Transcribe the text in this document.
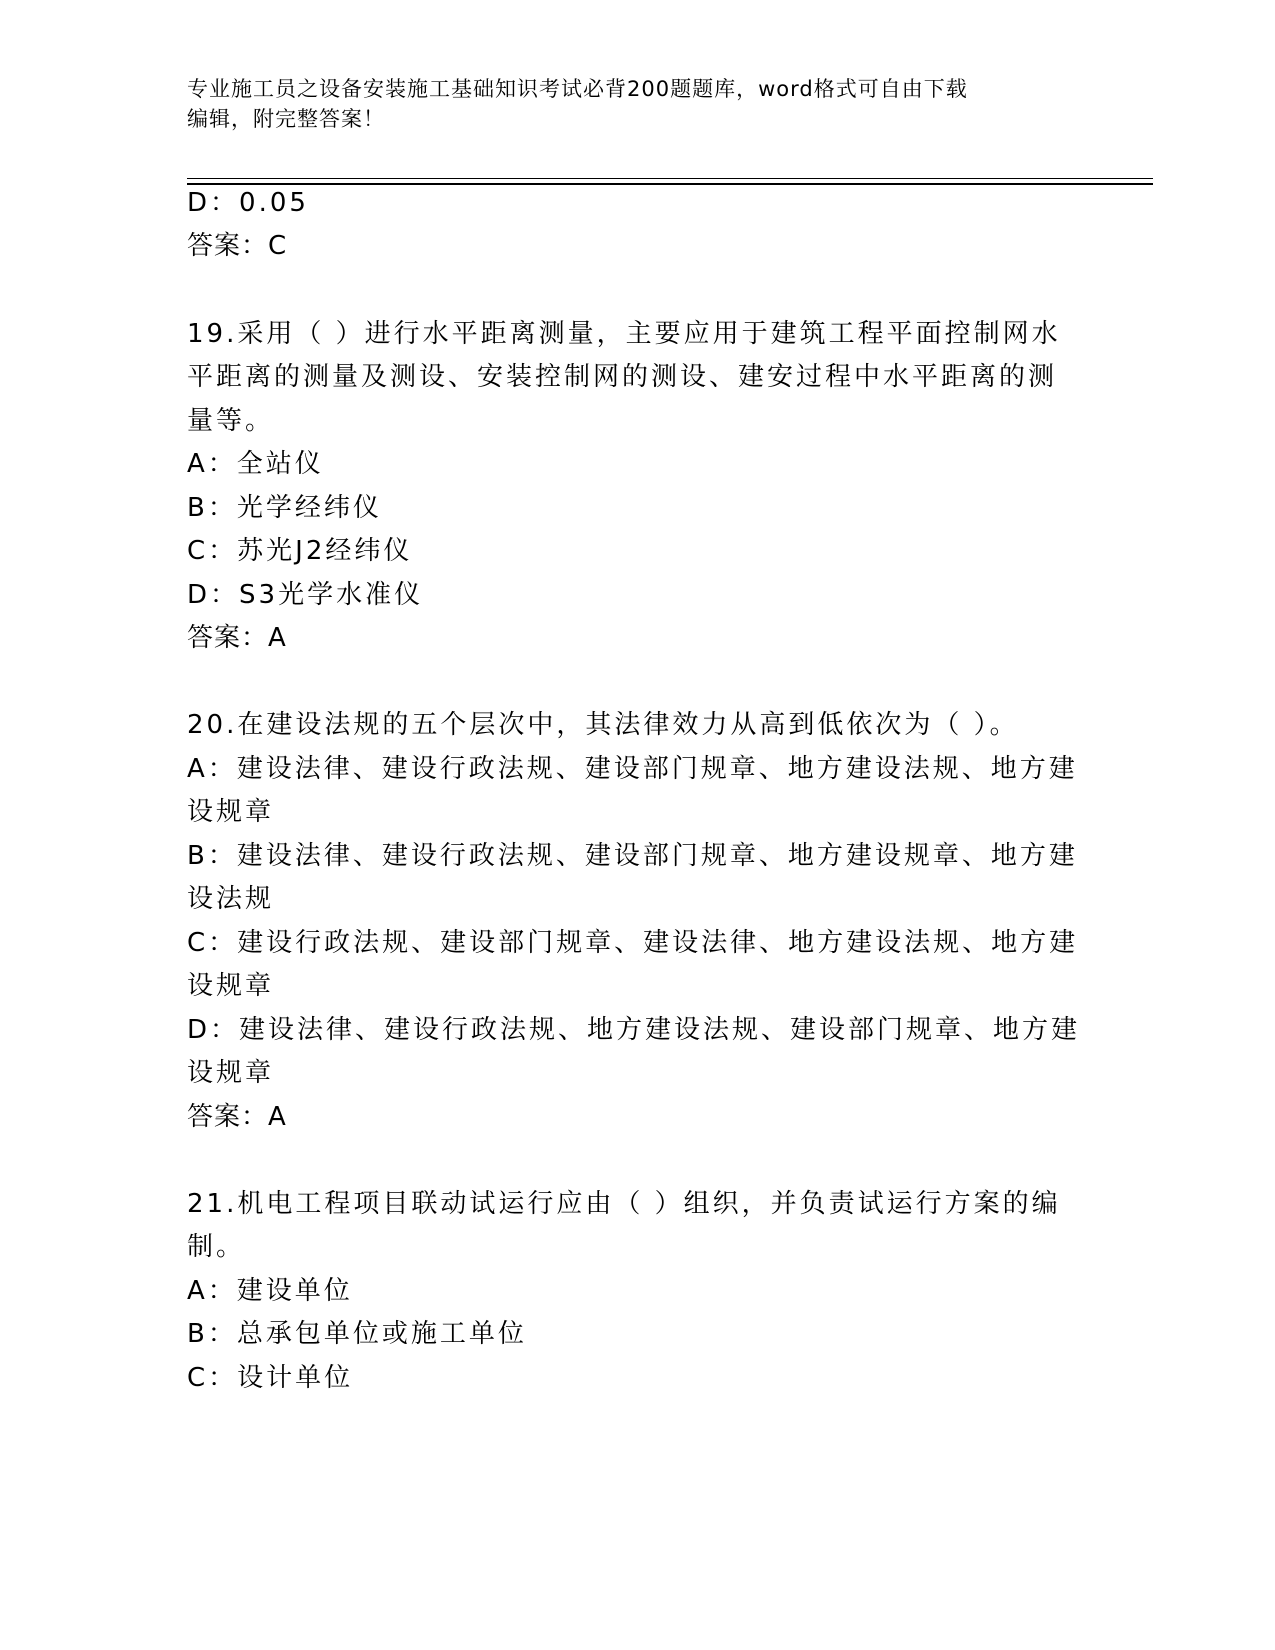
专业施工员之设备安装施工基础知识考试必背200题题库，word格式可自由下载
编辑，附完整答案！
D：0.05
答案：C
19.采用（ ）进行水平距离测量，主要应用于建筑工程平面控制网水
平距离的测量及测设、安装控制网的测设、建安过程中水平距离的测
量等。
A：全站仪
B：光学经纬仪
C：苏光J2经纬仪
D：S3光学水准仪
答案：A
20.在建设法规的五个层次中，其法律效力从高到低依次为（ ）。
A：建设法律、建设行政法规、建设部门规章、地方建设法规、地方建
设规章
B：建设法律、建设行政法规、建设部门规章、地方建设规章、地方建
设法规
C：建设行政法规、建设部门规章、建设法律、地方建设法规、地方建
设规章
D：建设法律、建设行政法规、地方建设法规、建设部门规章、地方建
设规章
答案：A
21.机电工程项目联动试运行应由（ ）组织，并负责试运行方案的编
制。
A：建设单位
B：总承包单位或施工单位
C：设计单位
